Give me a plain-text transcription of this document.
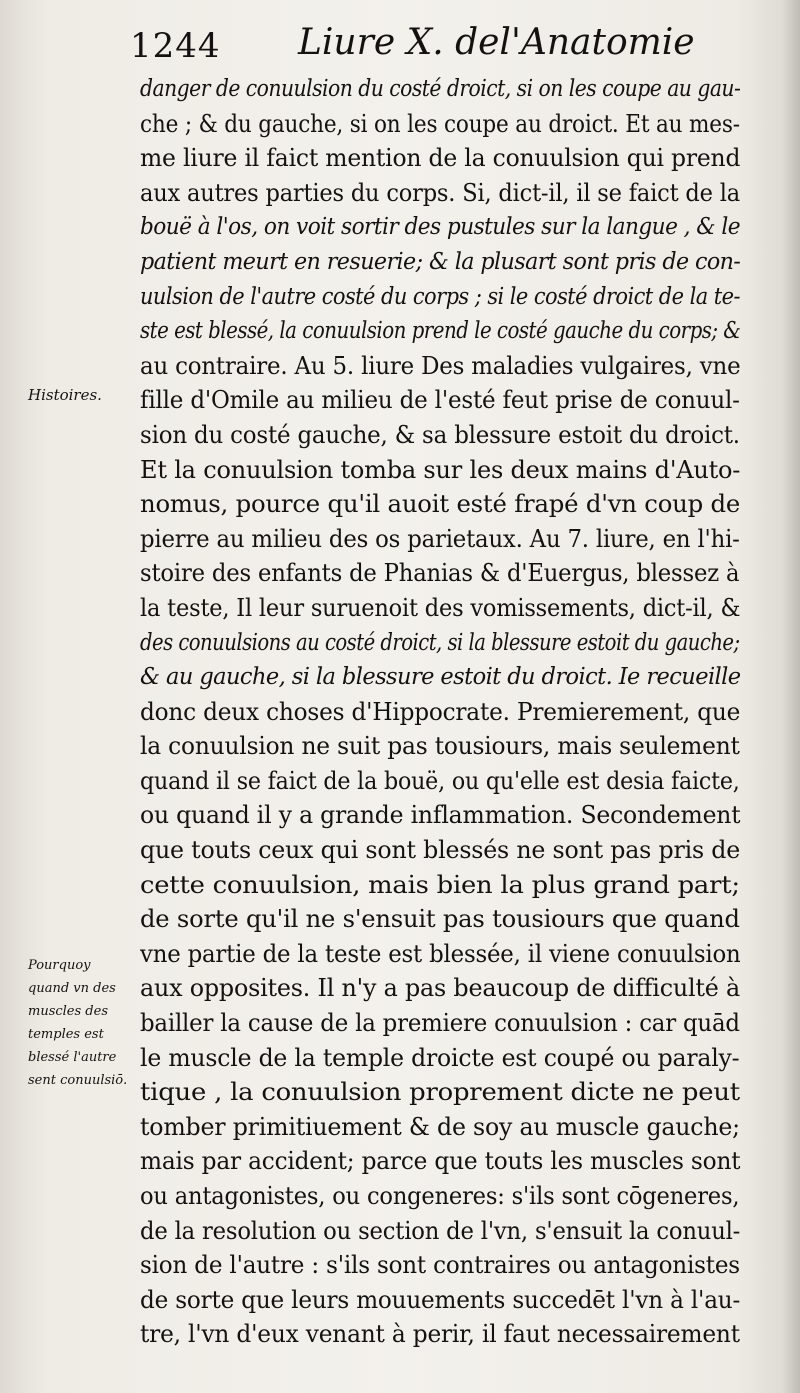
1244 Liure X. del'Anatomie
Histoires.
Pourquoy
quand vn des
muscles des
temples est
blessé l'autre
sent conuulsiō.
danger de conuulsion du costé droict, si on les coupe au gau-
che ; & du gauche, si on les coupe au droict. Et au mes-
me liure il faict mention de la conuulsion qui prend
aux autres parties du corps. Si, dict-il, il se faict de la
bouë à l'os, on voit sortir des pustules sur la langue , & le
patient meurt en resuerie; & la plusart sont pris de con-
uulsion de l'autre costé du corps ; si le costé droict de la te-
ste est blessé, la conuulsion prend le costé gauche du corps; &
au contraire. Au 5. liure Des maladies vulgaires, vne
fille d'Omile au milieu de l'esté feut prise de conuul-
sion du costé gauche, & sa blessure estoit du droict.
Et la conuulsion tomba sur les deux mains d'Auto-
nomus, pource qu'il auoit esté frapé d'vn coup de
pierre au milieu des os parietaux. Au 7. liure, en l'hi-
stoire des enfants de Phanias & d'Euergus, blessez à
la teste, Il leur suruenoit des vomissements, dict-il, &
des conuulsions au costé droict, si la blessure estoit du gauche;
& au gauche, si la blessure estoit du droict. Ie recueille
donc deux choses d'Hippocrate. Premierement, que
la conuulsion ne suit pas tousiours, mais seulement
quand il se faict de la bouë, ou qu'elle est desia faicte,
ou quand il y a grande inflammation. Secondement
que touts ceux qui sont blessés ne sont pas pris de
cette conuulsion, mais bien la plus grand part;
de sorte qu'il ne s'ensuit pas tousiours que quand
vne partie de la teste est blessée, il viene conuulsion
aux opposites. Il n'y a pas beaucoup de difficulté à
bailler la cause de la premiere conuulsion : car quād
le muscle de la temple droicte est coupé ou paraly-
tique , la conuulsion proprement dicte ne peut
tomber primitiuement & de soy au muscle gauche;
mais par accident; parce que touts les muscles sont
ou antagonistes, ou congeneres: s'ils sont cōgeneres,
de la resolution ou section de l'vn, s'ensuit la conuul-
sion de l'autre : s'ils sont contraires ou antagonistes
de sorte que leurs mouuements succedēt l'vn à l'au-
tre, l'vn d'eux venant à perir, il faut necessairement
